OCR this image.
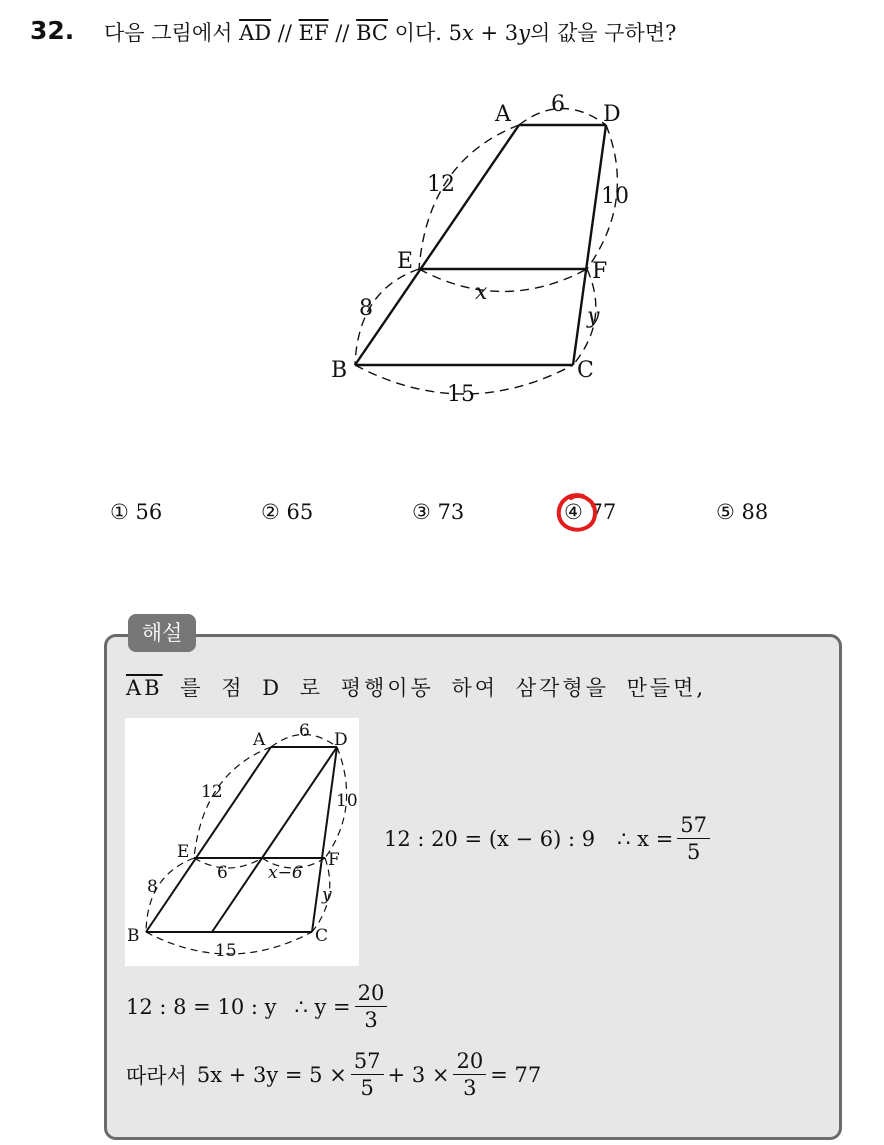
32. 다음 그림에서 $\overline{AD} // \overline{EF} // \overline{BC}$ 이다. 5x + 3y의 값을 구하면?
A	D
E	F
B	C
6
12	10
8
x
y
15
① 56	② 65	③ 73	④ 77	⑤ 88
해설
$\overline{AB}$ 를 점 D 로 평행이동 하여 삼각형을 만들면,
A	D
E	F
B	C
6
12	10
8
6 x−6
y
15
12 : 20 = (x − 6) : 9 ∴ $x = \frac{57}{5}$
12 : 8 = 10 : y ∴ $y = \frac{20}{3}$
따라서 $5x + 3y = 5 \times \frac{57}{5} + 3 \times \frac{20}{3} = 77$
